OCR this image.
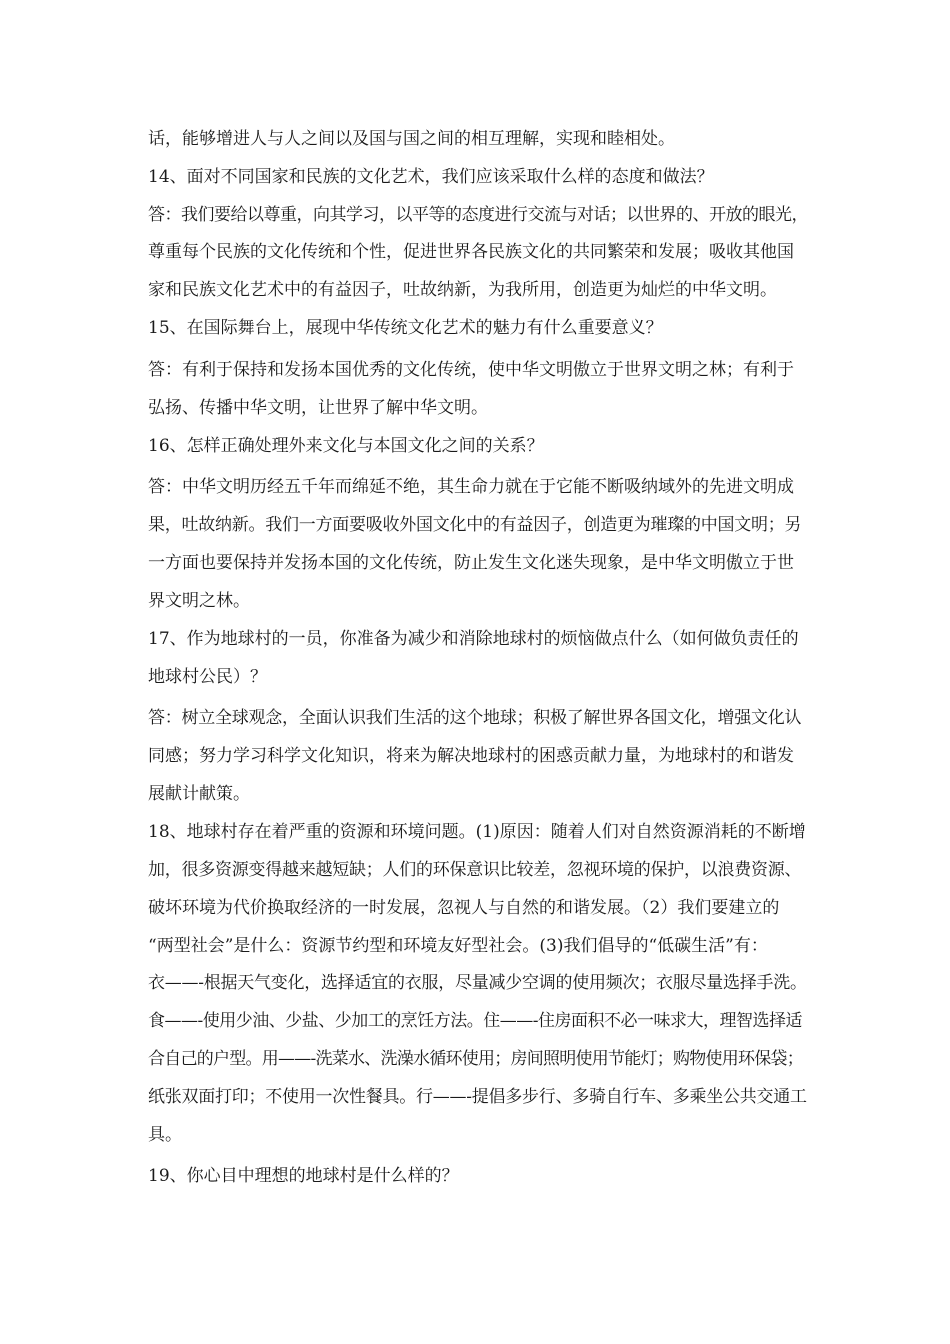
话，能够增进人与人之间以及国与国之间的相互理解，实现和睦相处。
14、面对不同国家和民族的文化艺术，我们应该采取什么样的态度和做法？
答：我们要给以尊重，向其学习，以平等的态度进行交流与对话；以世界的、开放的眼光，
尊重每个民族的文化传统和个性，促进世界各民族文化的共同繁荣和发展；吸收其他国
家和民族文化艺术中的有益因子，吐故纳新，为我所用，创造更为灿烂的中华文明。
15、在国际舞台上，展现中华传统文化艺术的魅力有什么重要意义？
答：有利于保持和发扬本国优秀的文化传统，使中华文明傲立于世界文明之林；有利于
弘扬、传播中华文明，让世界了解中华文明。
16、怎样正确处理外来文化与本国文化之间的关系？
答：中华文明历经五千年而绵延不绝，其生命力就在于它能不断吸纳域外的先进文明成
果，吐故纳新。我们一方面要吸收外国文化中的有益因子，创造更为璀璨的中国文明；另
一方面也要保持并发扬本国的文化传统，防止发生文化迷失现象，是中华文明傲立于世
界文明之林。
17、作为地球村的一员，你准备为减少和消除地球村的烦恼做点什么（如何做负责任的
地球村公民）？
答：树立全球观念，全面认识我们生活的这个地球；积极了解世界各国文化，增强文化认
同感；努力学习科学文化知识，将来为解决地球村的困惑贡献力量，为地球村的和谐发
展献计献策。
18、地球村存在着严重的资源和环境问题。(1)原因：随着人们对自然资源消耗的不断增
加，很多资源变得越来越短缺；人们的环保意识比较差，忽视环境的保护，以浪费资源、
破坏环境为代价换取经济的一时发展，忽视人与自然的和谐发展。（2）我们要建立的
“两型社会”是什么：资源节约型和环境友好型社会。(3)我们倡导的“低碳生活”有：
衣——-根据天气变化，选择适宜的衣服，尽量减少空调的使用频次；衣服尽量选择手洗。
食——-使用少油、少盐、少加工的烹饪方法。住——-住房面积不必一味求大，理智选择适
合自己的户型。用——-洗菜水、洗澡水循环使用；房间照明使用节能灯；购物使用环保袋；
纸张双面打印；不使用一次性餐具。行——-提倡多步行、多骑自行车、多乘坐公共交通工
具。
19、你心目中理想的地球村是什么样的？
